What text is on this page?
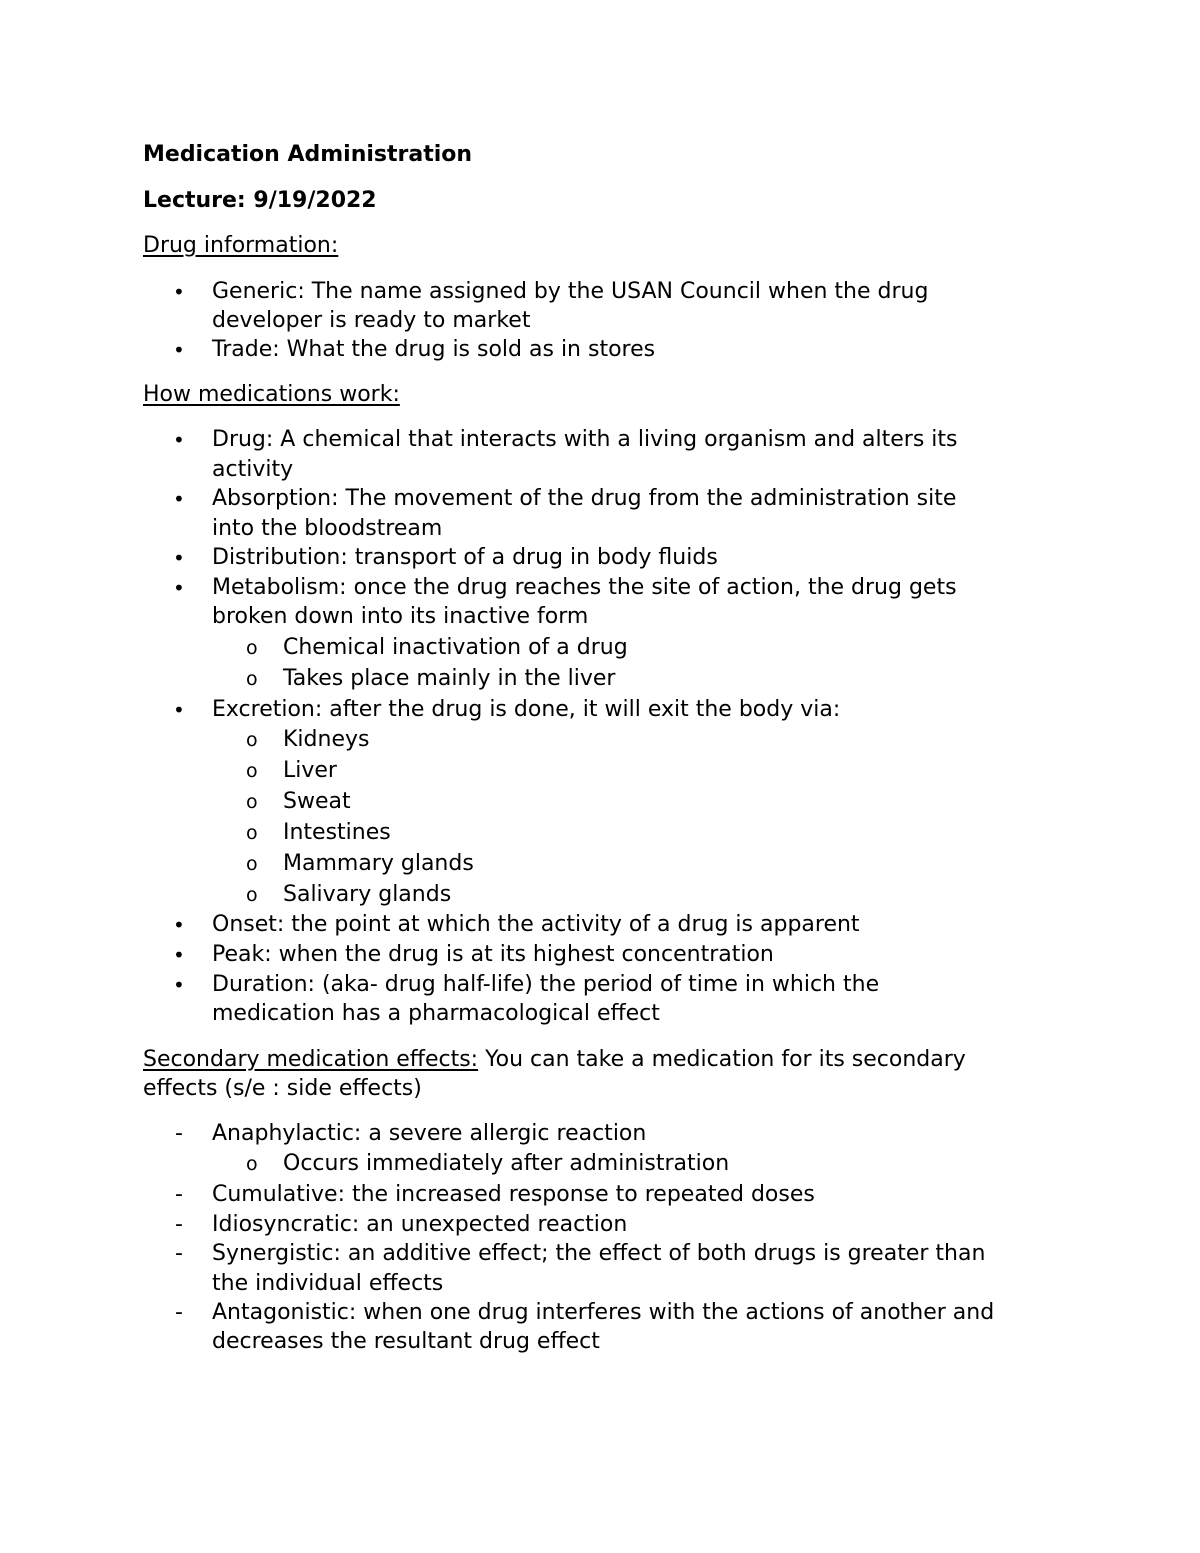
Medication Administration
Lecture: 9/19/2022
Drug information:
• Generic: The name assigned by the USAN Council when the drug
developer is ready to market
• Trade: What the drug is sold as in stores
How medications work:
• Drug: A chemical that interacts with a living organism and alters its
activity
• Absorption: The movement of the drug from the administration site
into the bloodstream
• Distribution: transport of a drug in body fluids
• Metabolism: once the drug reaches the site of action, the drug gets
broken down into its inactive form
o Chemical inactivation of a drug
o Takes place mainly in the liver
• Excretion: after the drug is done, it will exit the body via:
o Kidneys
o Liver
o Sweat
o Intestines
o Mammary glands
o Salivary glands
• Onset: the point at which the activity of a drug is apparent
• Peak: when the drug is at its highest concentration
• Duration: (aka- drug half-life) the period of time in which the
medication has a pharmacological effect
Secondary medication effects: You can take a medication for its secondary
effects (s/e : side effects)
- Anaphylactic: a severe allergic reaction
o Occurs immediately after administration
- Cumulative: the increased response to repeated doses
- Idiosyncratic: an unexpected reaction
- Synergistic: an additive effect; the effect of both drugs is greater than
the individual effects
- Antagonistic: when one drug interferes with the actions of another and
decreases the resultant drug effect
